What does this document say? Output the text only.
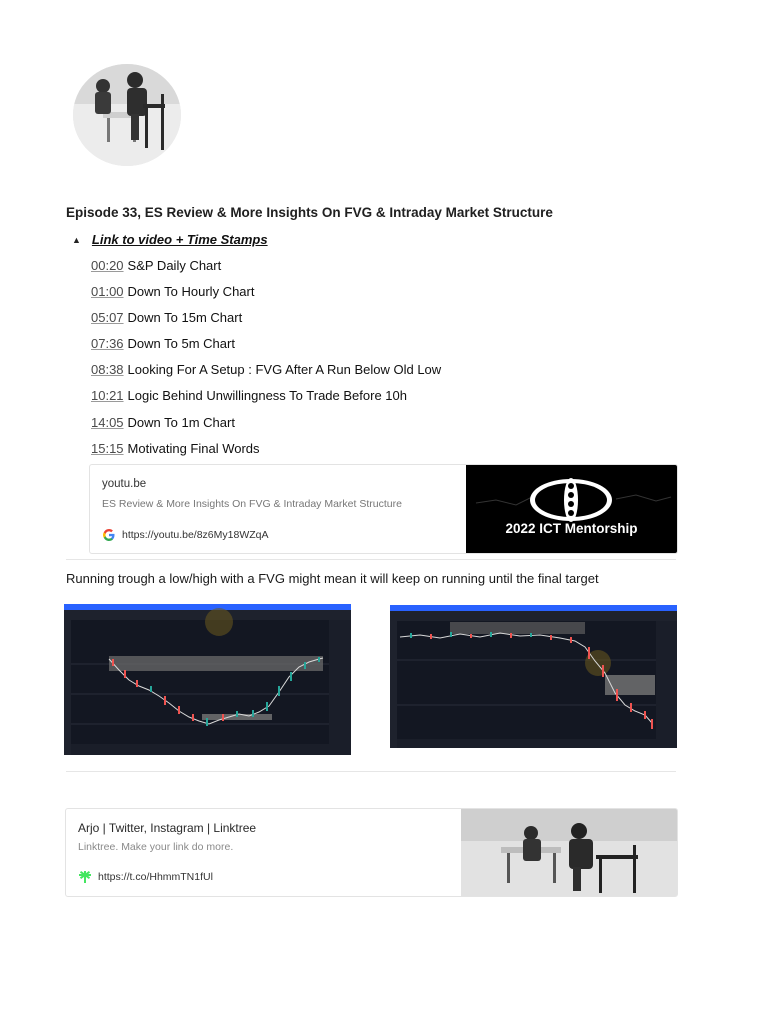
Episode 33, ES Review & More Insights On FVG & Intraday Market Structure
▲ Link to video + Time Stamps
00:20 S&P Daily Chart
01:00 Down To Hourly Chart
05:07 Down To 15m Chart
07:36 Down To 5m Chart
08:38 Looking For A Setup : FVG After A Run Below Old Low
10:21 Logic Behind Unwillingness To Trade Before 10h
14:05 Down To 1m Chart
15:15 Motivating Final Words
youtu.be
ES Review & More Insights On FVG & Intraday Market Structure
https://youtu.be/8z6My18WZqA	2022 ICT Mentorship
Running trough a low/high with a FVG might mean it will keep on running until the final target
Arjo | Twitter, Instagram | Linktree
Linktree. Make your link do more.
https://t.co/HhmmTN1fUl
